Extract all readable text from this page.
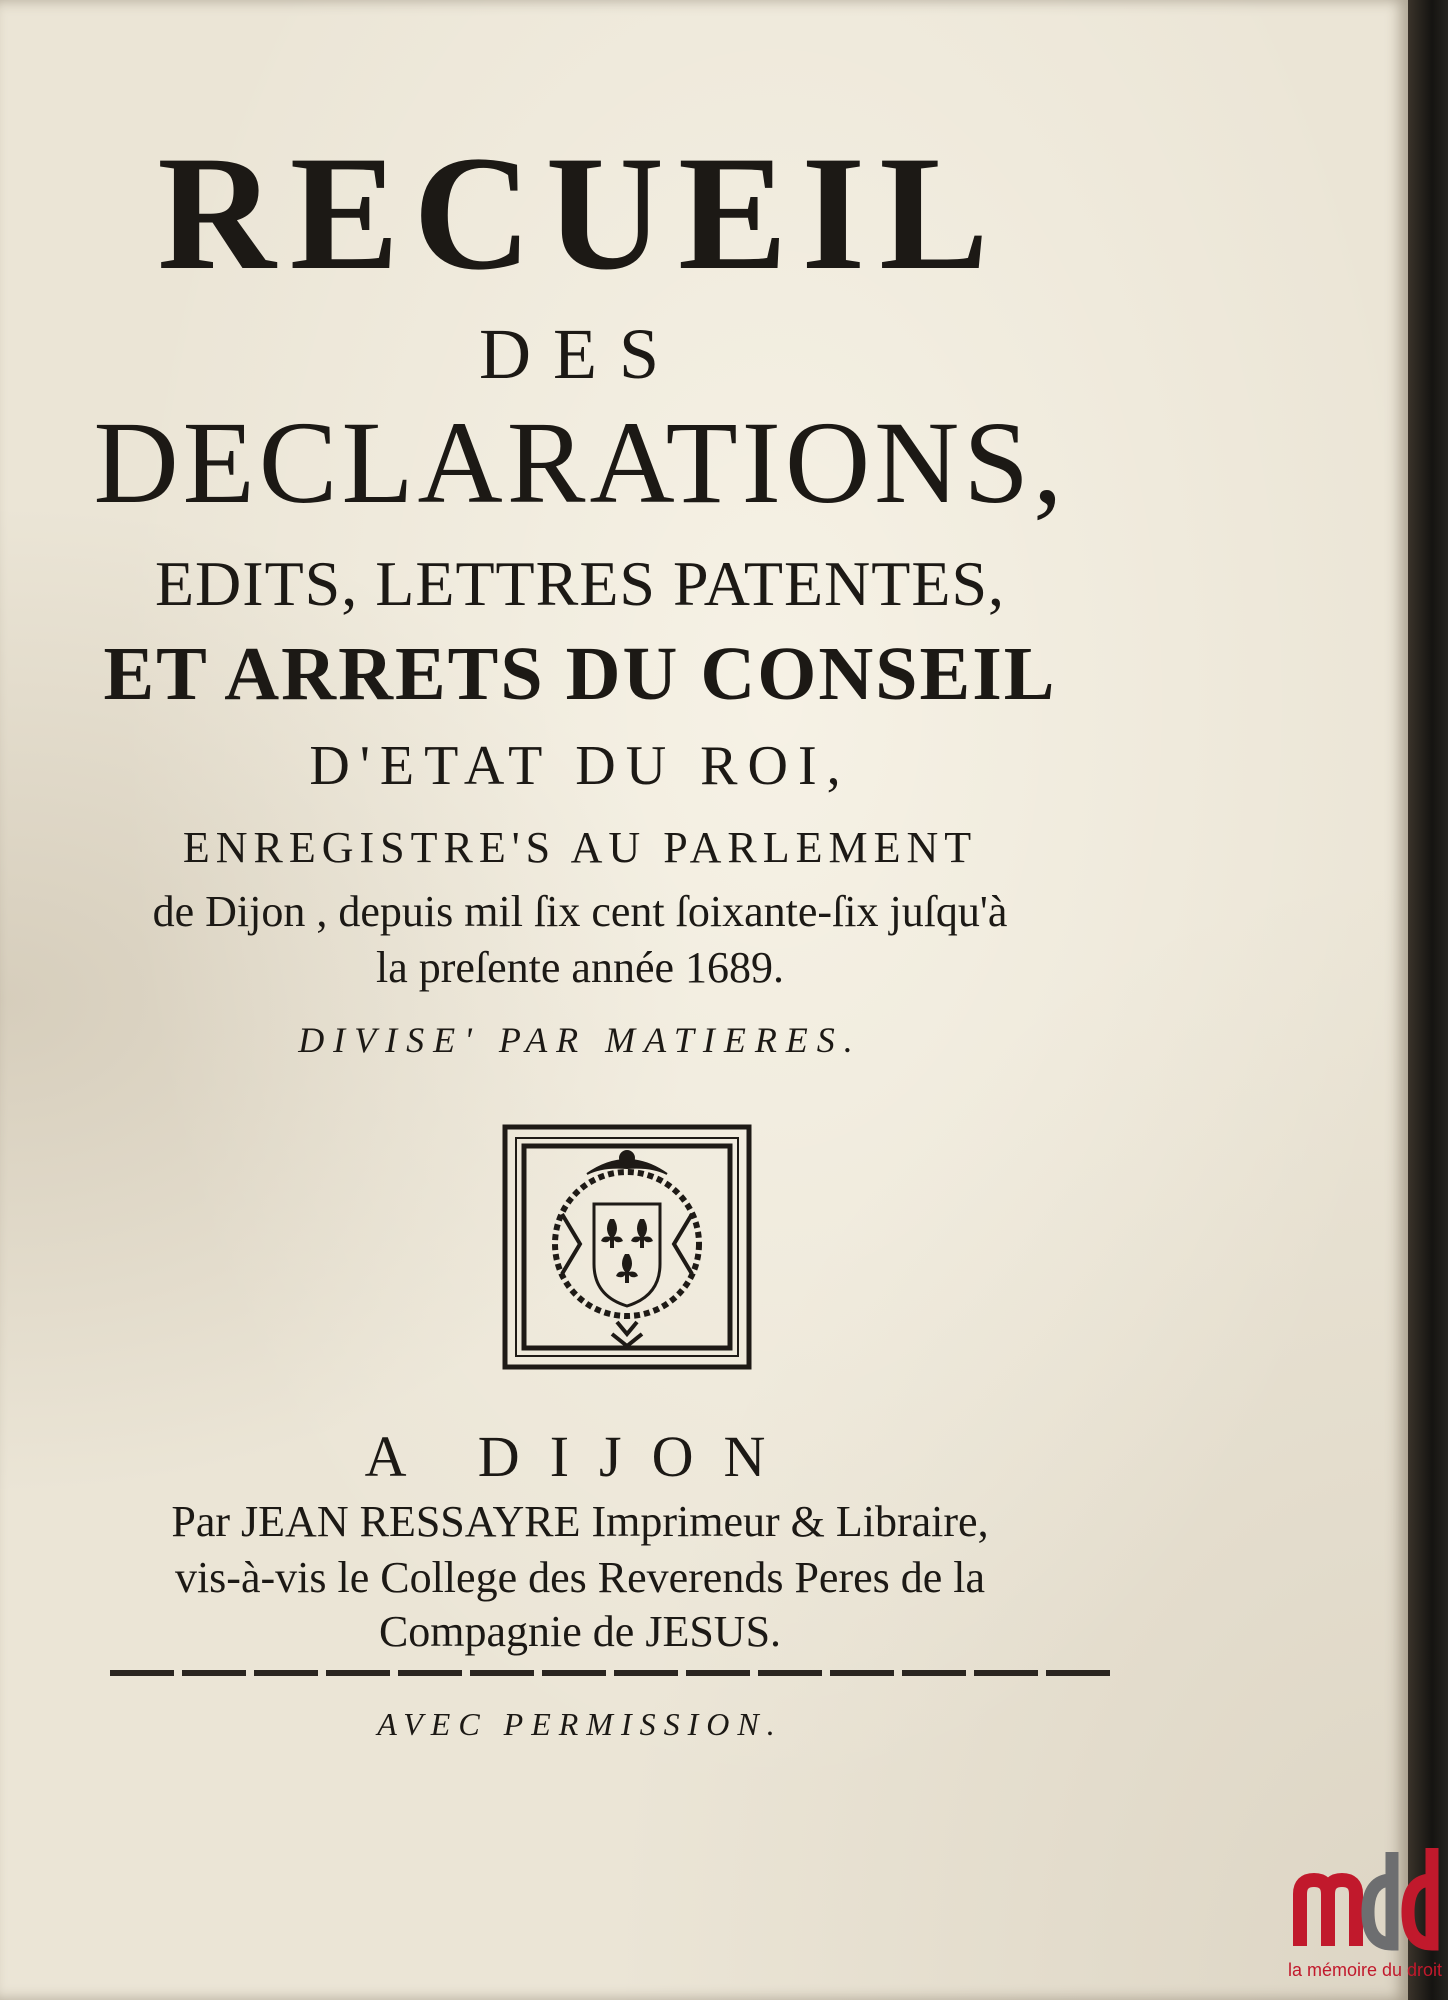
RECUEIL
DES
DECLARATIONS,
EDITS, LETTRES PATENTES,
ET ARRETS DU CONSEIL
D'ETAT DU ROI,
ENREGISTRE'S AU PARLEMENT
de Dijon , depuis mil ſix cent ſoixante-ſix juſqu'à
la preſente année 1689.
DIVISE' PAR MATIERES.
A DIJON
Par JEAN RESSAYRE Imprimeur & Libraire,
vis-à-vis le College des Reverends Peres de la
Compagnie de JESUS.
AVEC PERMISSION.
la mémoire du droit
